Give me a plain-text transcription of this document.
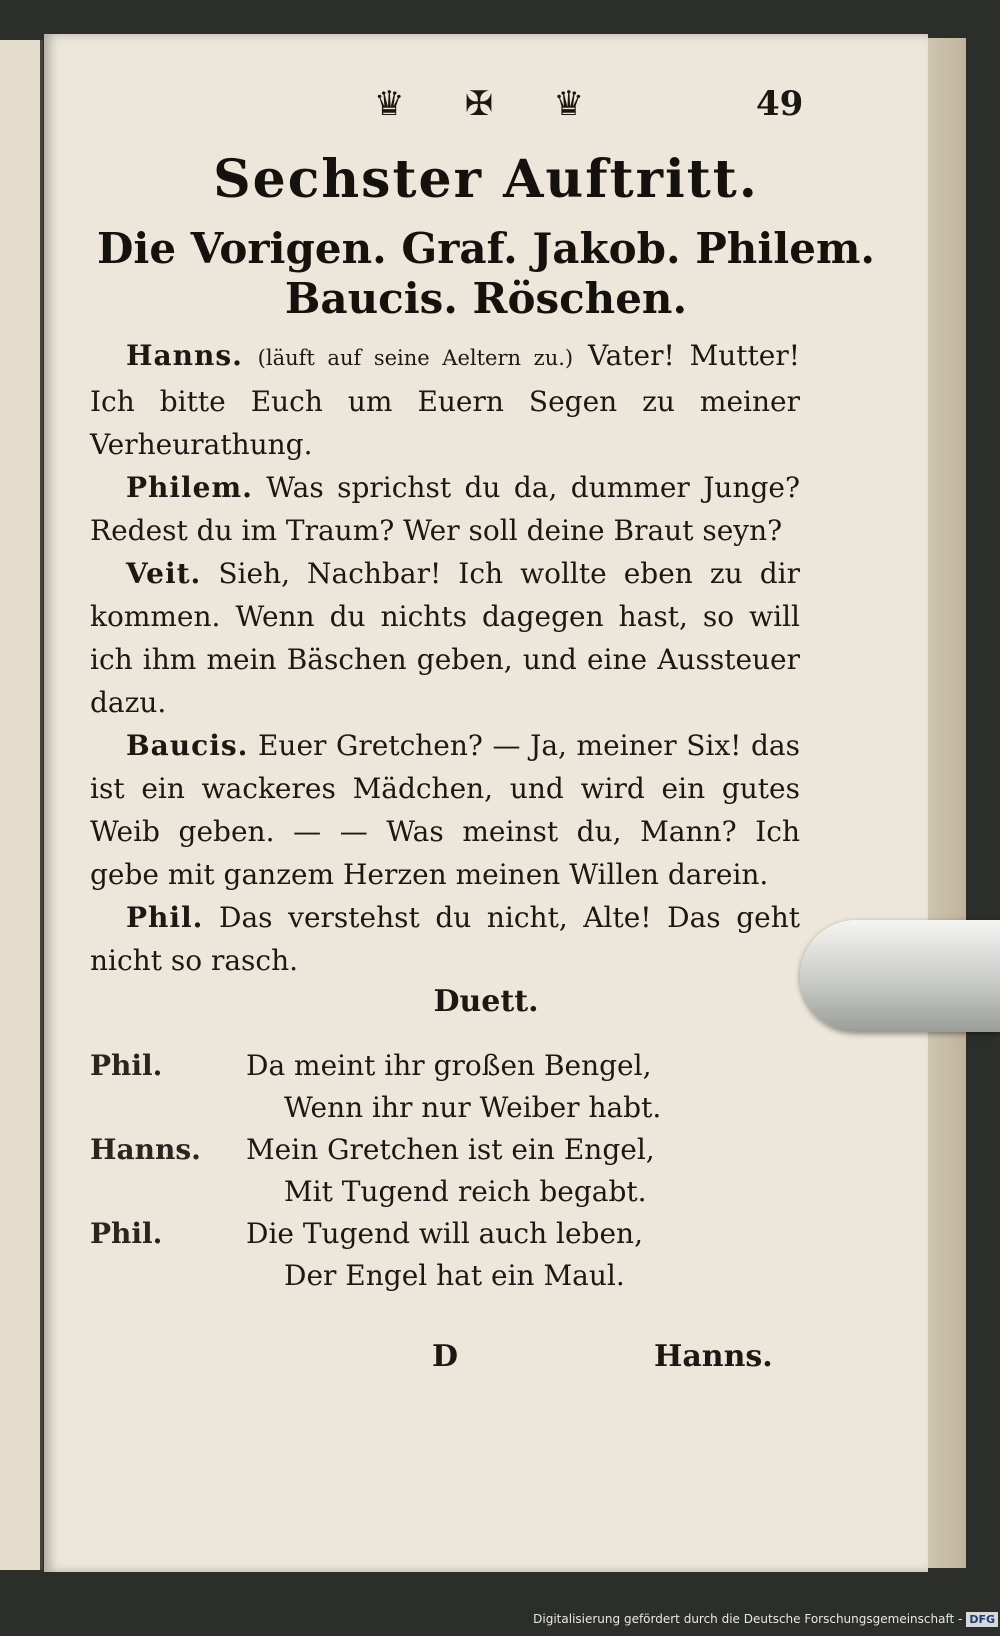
♛ ✠ ♛	49
Sechster Auftritt.
Die Vorigen. Graf. Jakob. Philem.
Baucis. Röschen.

Hanns. (läuft auf seine Aeltern zu.) Vater! Mutter! Ich bitte Euch um Euern Segen zu meiner Verheurathung.

Philem. Was sprichst du da, dummer Junge? Redest du im Traum? Wer soll deine Braut seyn?

Veit. Sieh, Nachbar! Ich wollte eben zu dir kommen. Wenn du nichts dagegen hast, so will ich ihm mein Bäschen geben, und eine Aussteuer dazu.

Baucis. Euer Gretchen? — Ja, meiner Six! das ist ein wackeres Mädchen, und wird ein gutes Weib geben. — — Was meinst du, Mann? Ich gebe mit ganzem Herzen meinen Willen darein.

Phil. Das verstehst du nicht, Alte! Das geht nicht so rasch.

Duett.
Phil.	Da meint ihr großen Bengel,
Wenn ihr nur Weiber habt.
Hanns.	Mein Gretchen ist ein Engel,
Mit Tugend reich begabt.
Phil.	Die Tugend will auch leben,
Der Engel hat ein Maul.
D	Hanns.
Digitalisierung gefördert durch die Deutsche Forschungsgemeinschaft - DFG
